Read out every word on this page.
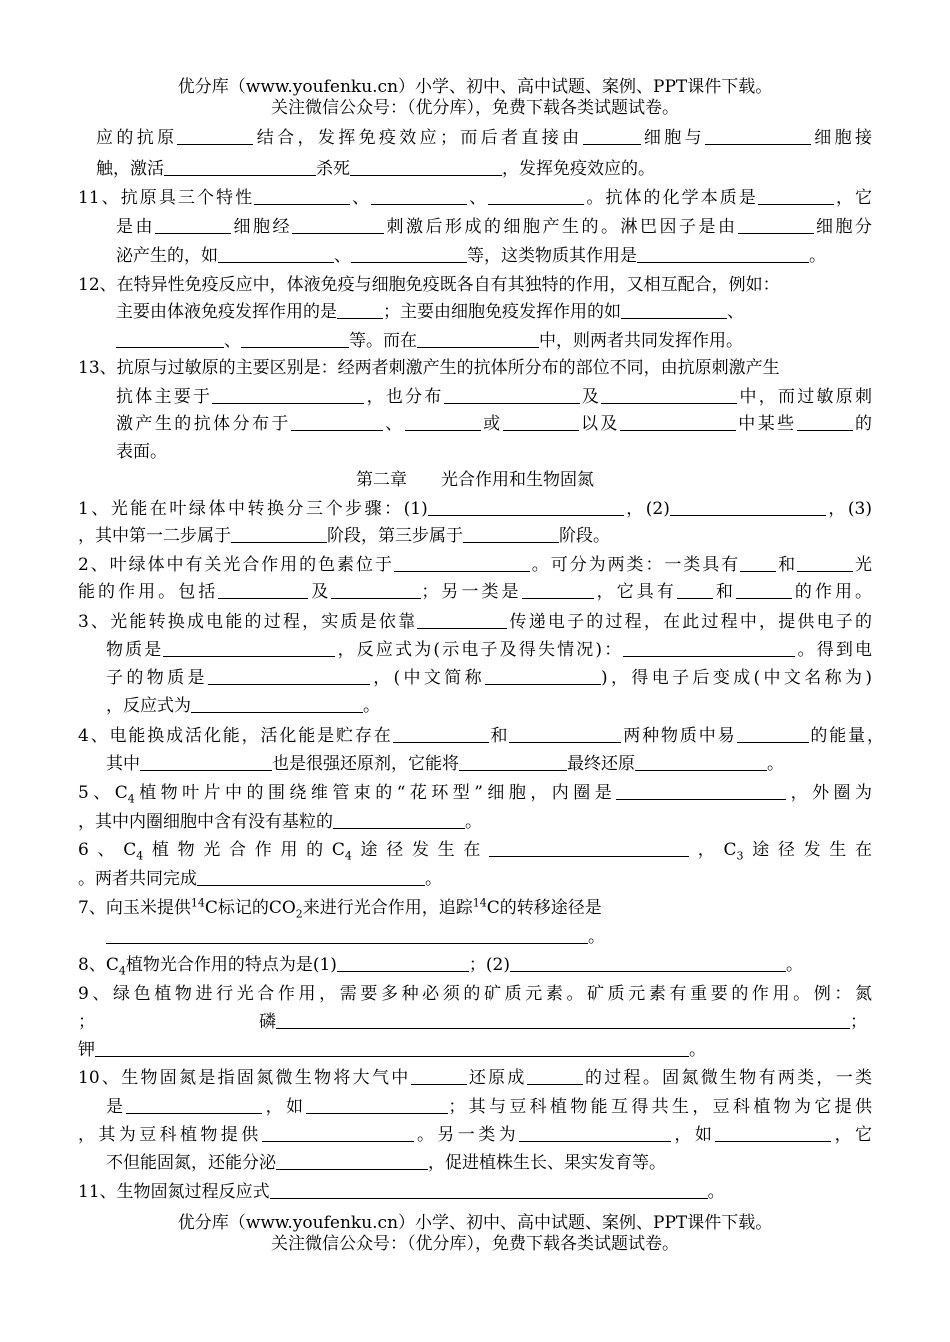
优分库（www.youfenku.cn）小学、初中、高中试题、案例、PPT课件下载。
关注微信公众号：（优分库），免费下载各类试题试卷。
应的抗原	结合，发挥免疫效应；而后者直接由	细胞与	细胞接
触，激活	杀死	，发挥免疫效应的。
11、抗原具三个特性	、	、	。抗体的化学本质是	，它
是由	细胞经	刺激后形成的细胞产生的。淋巴因子是由	细胞分
泌产生的，如	、	等，这类物质其作用是	。
12、在特异性免疫反应中，体液免疫与细胞免疫既各自有其独特的作用，又相互配合，例如：
主要由体液免疫发挥作用的是	；主要由细胞免疫发挥作用的如	、
、	等。而在	中，则两者共同发挥作用。
13、抗原与过敏原的主要区别是：经两者刺激产生的抗体所分布的部位不同，由抗原刺激产生
抗体主要于	，也分布	及	中，而过敏原刺
激产生的抗体分布于	、	或	以及	中某些	的
表面。
第二章　　光合作用和生物固氮
1、光能在叶绿体中转换分三个步骤：(1)	，(2)	，(3)
，其中第一二步属于	阶段，第三步属于	阶段。
2、叶绿体中有关光合作用的色素位于	。可分为两类：一类具有 和	光
能的作用。包括	及	；另一类是	，它具有 和	的作用。
3、光能转换成电能的过程，实质是依靠	传递电子的过程，在此过程中，提供电子的
物质是	，反应式为(示电子及得失情况)：	。得到电
子的物质是	，(中文简称	)，得电子后变成(中文名称为)
，反应式为	。
4、电能换成活化能，活化能是贮存在	和	两种物质中易	的能量，
其中	也是很强还原剂，它能将	最终还原	。
5、$C_4$植物叶片中的围绕维管束的“花环型”细胞，内圈是	，外圈为
，其中内圈细胞中含有没有基粒的	。
6、$C_4$植物光合作用的$C_4$途径发生在	，$C_3$途径发生在
。两者共同完成	。
7、向玉米提供$^{14}$C标记的$CO_2$来进行光合作用，追踪$^{14}$C的转移途径是
。
8、$C_4$植物光合作用的特点为是(1)	；(2)	。
9、绿色植物进行光合作用，需要多种必须的矿质元素。矿质元素有重要的作用。例：氮
；	磷	；
钾	。
10、生物固氮是指固氮微生物将大气中	还原成	的过程。固氮微生物有两类，一类
是	，如	；其与豆科植物能互得共生，豆科植物为它提供
，其为豆科植物提供	。另一类为	，如	，它
不但能固氮，还能分泌	，促进植株生长、果实发育等。
11、生物固氮过程反应式	。
优分库（www.youfenku.cn）小学、初中、高中试题、案例、PPT课件下载。
关注微信公众号：（优分库），免费下载各类试题试卷。
